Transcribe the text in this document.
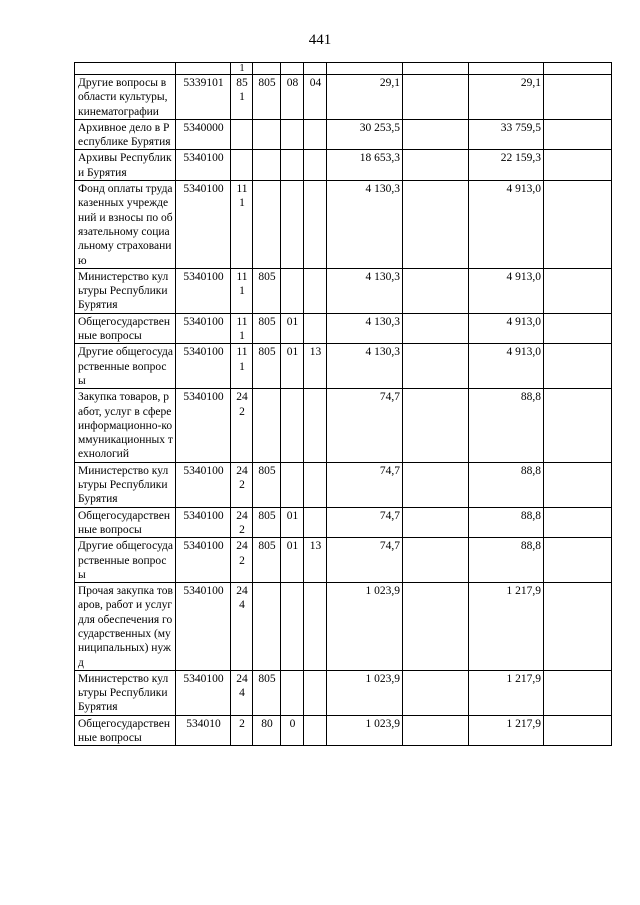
441
		1							
Другие вопросы в области культуры, кинематографии	5339101	851	805	08	04	29,1		29,1	
Архивное дело в Республике Бурятия	5340000					30 253,5		33 759,5	
Архивы Республики Бурятия	5340100					18 653,3		22 159,3	
Фонд оплаты труда казенных учреждений и взносы по обязательному социальному страхованию	5340100	111				4 130,3		4 913,0	
Министерство культуры Республики Бурятия	5340100	111	805			4 130,3		4 913,0	
Общегосударственные вопросы	5340100	111	805	01		4 130,3		4 913,0	
Другие общегосударственные вопросы	5340100	111	805	01	13	4 130,3		4 913,0	
Закупка товаров, работ, услуг в сфере информационно-коммуникационных технологий	5340100	242				74,7		88,8	
Министерство культуры Республики Бурятия	5340100	242	805			74,7		88,8	
Общегосударственные вопросы	5340100	242	805	01		74,7		88,8	
Другие общегосударственные вопросы	5340100	242	805	01	13	74,7		88,8	
Прочая закупка товаров, работ и услуг для обеспечения государственных (муниципальных) нужд	5340100	244				1 023,9		1 217,9	
Министерство культуры Республики Бурятия	5340100	244	805			1 023,9		1 217,9	
Общегосударственные вопросы	534010	2	80	0		1 023,9		1 217,9	
